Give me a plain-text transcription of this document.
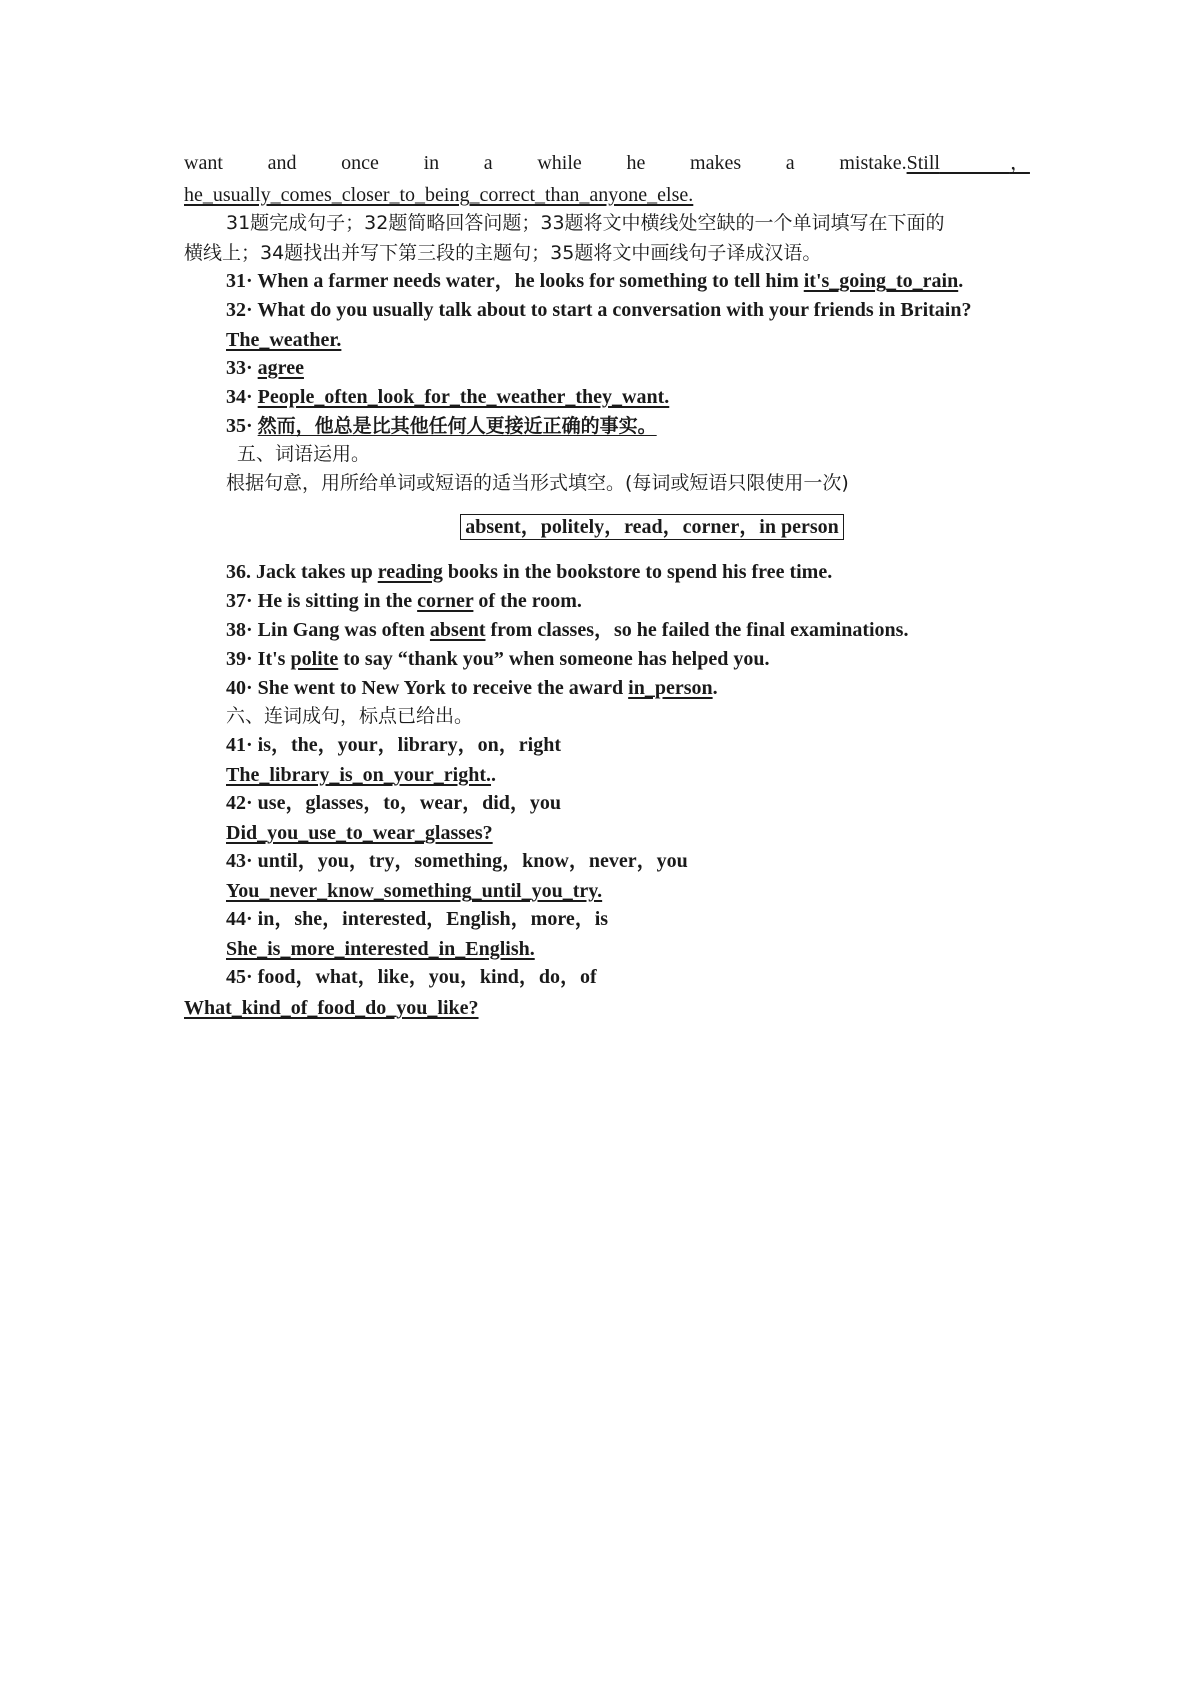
want and once in a while he makes a mistake.Still	，
he_usually_comes_closer_to_being_correct_than_anyone_else.
31题完成句子；32题简略回答问题；33题将文中横线处空缺的一个单词填写在下面的
横线上；34题找出并写下第三段的主题句；35题将文中画线句子译成汉语。
31· When a farmer needs water，he looks for something to tell him it's_going_to_rain.
32· What do you usually talk about to start a conversation with your friends in Britain?
The_weather.
33· agree
34· People_often_look_for_the_weather_they_want.
35· 然而，他总是比其他任何人更接近正确的事实。
五、词语运用。
根据句意，用所给单词或短语的适当形式填空。(每词或短语只限使用一次)
absent，politely，read，corner，in person
36. Jack takes up reading books in the bookstore to spend his free time.
37· He is sitting in the corner of the room.
38· Lin Gang was often absent from classes，so he failed the final examinations.
39· It's polite to say “thank you” when someone has helped you.
40· She went to New York to receive the award in_person.
六、连词成句，标点已给出。
41· is，the，your，library，on，right
The_library_is_on_your_right..
42· use，glasses，to，wear，did，you
Did_you_use_to_wear_glasses?
43· until，you，try，something，know，never，you
You_never_know_something_until_you_try.
44· in，she，interested，English，more，is
She_is_more_interested_in_English.
45· food，what，like，you，kind，do，of
What_kind_of_food_do_you_like?
